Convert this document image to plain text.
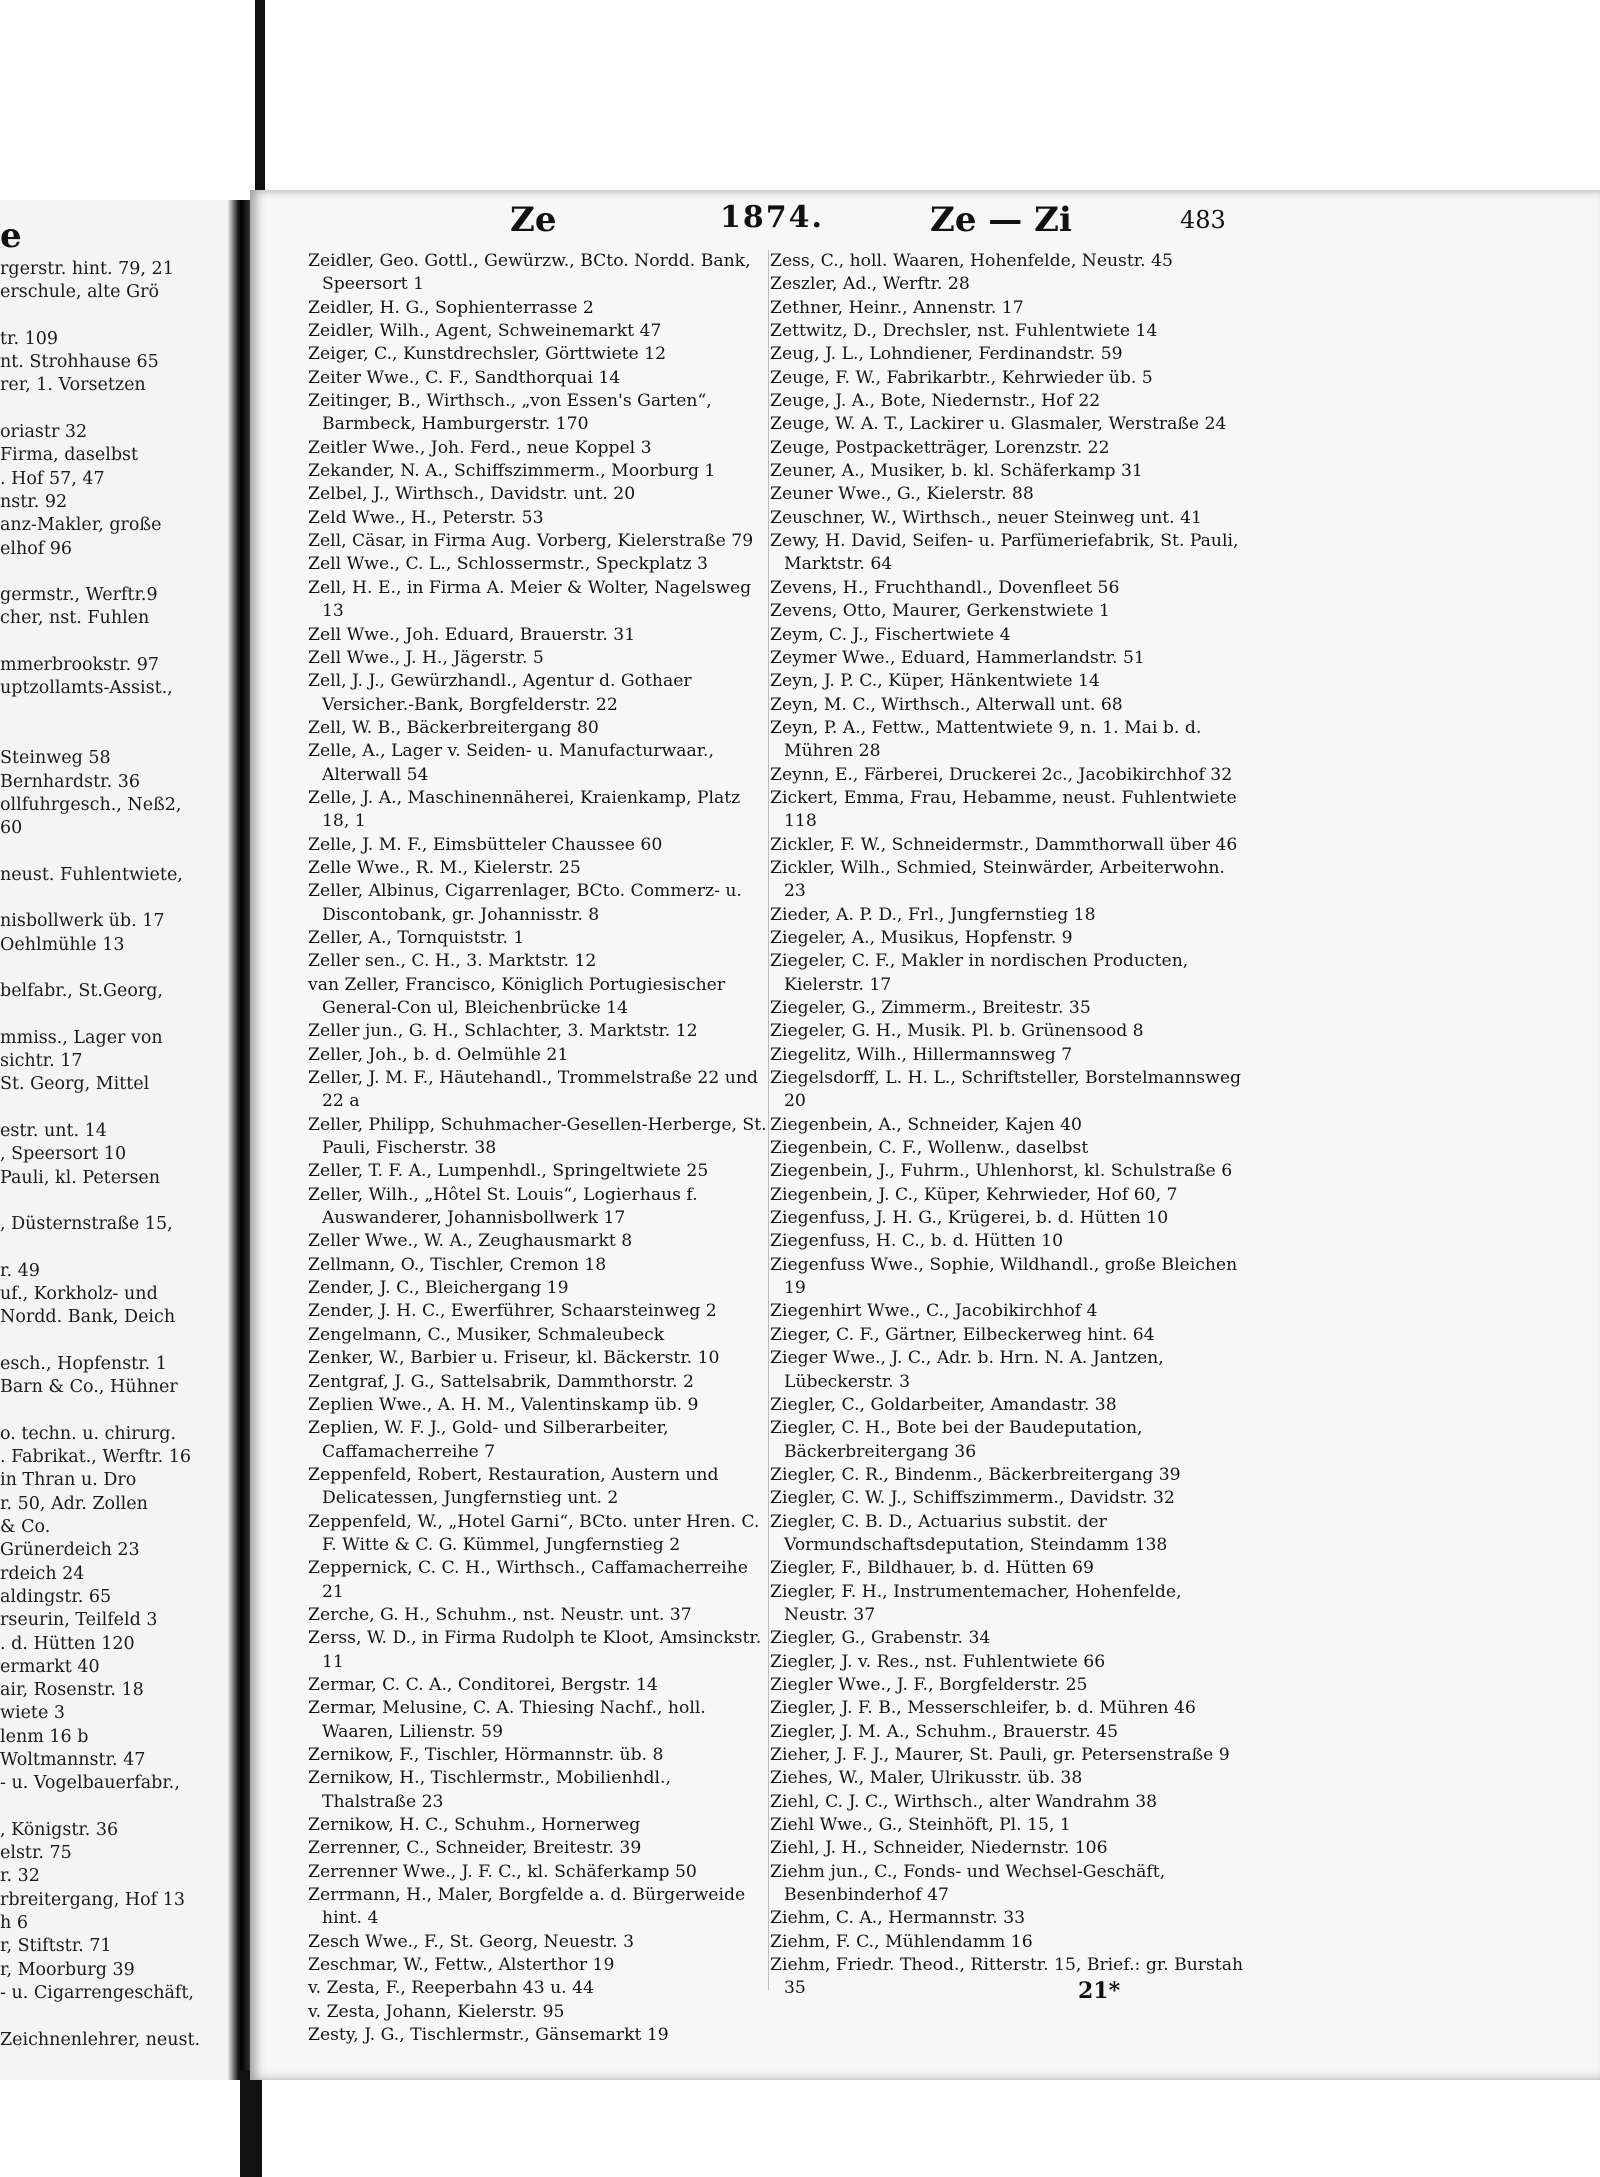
e
rgerstr. hint. 79, 21
erschule, alte Grö
tr. 109
nt. Strohhause 65
rer, 1. Vorsetzen
oriastr 32
Firma, daselbst
. Hof 57, 47
nstr. 92
anz-Makler, große
elhof 96
germstr., Werftr.9
cher, nst. Fuhlen
mmerbrookstr. 97
uptzollamts-Assist.,
Steinweg 58
Bernhardstr. 36
ollfuhrgesch., Neß2,
60
neust. Fuhlentwiete,
nisbollwerk üb. 17
Oehlmühle 13
belfabr., St.Georg,
mmiss., Lager von
sichtr. 17
St. Georg, Mittel
estr. unt. 14
, Speersort 10
Pauli, kl. Petersen
, Düsternstraße 15,
r. 49
uf., Korkholz- und
Nordd. Bank, Deich
esch., Hopfenstr. 1
Barn & Co., Hühner
o. techn. u. chirurg.
. Fabrikat., Werftr. 16
in Thran u. Dro
r. 50, Adr. Zollen
& Co.
Grünerdeich 23
rdeich 24
aldingstr. 65
rseurin, Teilfeld 3
. d. Hütten 120
ermarkt 40
air, Rosenstr. 18
wiete 3
lenm 16 b
Woltmannstr. 47
- u. Vogelbauerfabr.,
, Königstr. 36
elstr. 75
r. 32
rbreitergang, Hof 13
h 6
r, Stiftstr. 71
r, Moorburg 39
- u. Cigarrengeschäft,
Zeichnenlehrer, neust.
Ze	1874.	Ze — Zi	483
Zeidler, Geo. Gottl., Gewürzw., BCto. Nordd. Bank, Speersort 1
Zeidler, H. G., Sophienterrasse 2
Zeidler, Wilh., Agent, Schweinemarkt 47
Zeiger, C., Kunstdrechsler, Görttwiete 12
Zeiter Wwe., C. F., Sandthorquai 14
Zeitinger, B., Wirthsch., „von Essen's Garten“, Barmbeck, Hamburgerstr. 170
Zeitler Wwe., Joh. Ferd., neue Koppel 3
Zekander, N. A., Schiffszimmerm., Moorburg 1
Zelbel, J., Wirthsch., Davidstr. unt. 20
Zeld Wwe., H., Peterstr. 53
Zell, Cäsar, in Firma Aug. Vorberg, Kielerstraße 79
Zell Wwe., C. L., Schlossermstr., Speckplatz 3
Zell, H. E., in Firma A. Meier & Wolter, Nagelsweg 13
Zell Wwe., Joh. Eduard, Brauerstr. 31
Zell Wwe., J. H., Jägerstr. 5
Zell, J. J., Gewürzhandl., Agentur d. Gothaer Versicher.-Bank, Borgfelderstr. 22
Zell, W. B., Bäckerbreitergang 80
Zelle, A., Lager v. Seiden- u. Manufacturwaar., Alterwall 54
Zelle, J. A., Maschinennäherei, Kraienkamp, Platz 18, 1
Zelle, J. M. F., Eimsbütteler Chaussee 60
Zelle Wwe., R. M., Kielerstr. 25
Zeller, Albinus, Cigarrenlager, BCto. Commerz- u. Discontobank, gr. Johannisstr. 8
Zeller, A., Tornquiststr. 1
Zeller sen., C. H., 3. Marktstr. 12
van Zeller, Francisco, Königlich Portugiesischer General-Con ul, Bleichenbrücke 14
Zeller jun., G. H., Schlachter, 3. Marktstr. 12
Zeller, Joh., b. d. Oelmühle 21
Zeller, J. M. F., Häutehandl., Trommelstraße 22 und 22 a
Zeller, Philipp, Schuhmacher-Gesellen-Herberge, St. Pauli, Fischerstr. 38
Zeller, T. F. A., Lumpenhdl., Springeltwiete 25
Zeller, Wilh., „Hôtel St. Louis“, Logierhaus f. Auswanderer, Johannisbollwerk 17
Zeller Wwe., W. A., Zeughausmarkt 8
Zellmann, O., Tischler, Cremon 18
Zender, J. C., Bleichergang 19
Zender, J. H. C., Ewerführer, Schaarsteinweg 2
Zengelmann, C., Musiker, Schmaleubeck
Zenker, W., Barbier u. Friseur, kl. Bäckerstr. 10
Zentgraf, J. G., Sattelsabrik, Dammthorstr. 2
Zeplien Wwe., A. H. M., Valentinskamp üb. 9
Zeplien, W. F. J., Gold- und Silberarbeiter, Caffamacherreihe 7
Zeppenfeld, Robert, Restauration, Austern und Delicatessen, Jungfernstieg unt. 2
Zeppenfeld, W., „Hotel Garni“, BCto. unter Hren. C. F. Witte & C. G. Kümmel, Jungfernstieg 2
Zeppernick, C. C. H., Wirthsch., Caffamacherreihe 21
Zerche, G. H., Schuhm., nst. Neustr. unt. 37
Zerss, W. D., in Firma Rudolph te Kloot, Amsinckstr. 11
Zermar, C. C. A., Conditorei, Bergstr. 14
Zermar, Melusine, C. A. Thiesing Nachf., holl. Waaren, Lilienstr. 59
Zernikow, F., Tischler, Hörmannstr. üb. 8
Zernikow, H., Tischlermstr., Mobilienhdl., Thalstraße 23
Zernikow, H. C., Schuhm., Hornerweg
Zerrenner, C., Schneider, Breitestr. 39
Zerrenner Wwe., J. F. C., kl. Schäferkamp 50
Zerrmann, H., Maler, Borgfelde a. d. Bürgerweide hint. 4
Zesch Wwe., F., St. Georg, Neuestr. 3
Zeschmar, W., Fettw., Alsterthor 19
v. Zesta, F., Reeperbahn 43 u. 44
v. Zesta, Johann, Kielerstr. 95
Zesty, J. G., Tischlermstr., Gänsemarkt 19
Zess, C., holl. Waaren, Hohenfelde, Neustr. 45
Zeszler, Ad., Werftr. 28
Zethner, Heinr., Annenstr. 17
Zettwitz, D., Drechsler, nst. Fuhlentwiete 14
Zeug, J. L., Lohndiener, Ferdinandstr. 59
Zeuge, F. W., Fabrikarbtr., Kehrwieder üb. 5
Zeuge, J. A., Bote, Niedernstr., Hof 22
Zeuge, W. A. T., Lackirer u. Glasmaler, Werstraße 24
Zeuge, Postpacketträger, Lorenzstr. 22
Zeuner, A., Musiker, b. kl. Schäferkamp 31
Zeuner Wwe., G., Kielerstr. 88
Zeuschner, W., Wirthsch., neuer Steinweg unt. 41
Zewy, H. David, Seifen- u. Parfümeriefabrik, St. Pauli, Marktstr. 64
Zevens, H., Fruchthandl., Dovenfleet 56
Zevens, Otto, Maurer, Gerkenstwiete 1
Zeym, C. J., Fischertwiete 4
Zeymer Wwe., Eduard, Hammerlandstr. 51
Zeyn, J. P. C., Küper, Hänkentwiete 14
Zeyn, M. C., Wirthsch., Alterwall unt. 68
Zeyn, P. A., Fettw., Mattentwiete 9, n. 1. Mai b. d. Mühren 28
Zeynn, E., Färberei, Druckerei 2c., Jacobikirchhof 32
Zickert, Emma, Frau, Hebamme, neust. Fuhlentwiete 118
Zickler, F. W., Schneidermstr., Dammthorwall über 46
Zickler, Wilh., Schmied, Steinwärder, Arbeiterwohn. 23
Zieder, A. P. D., Frl., Jungfernstieg 18
Ziegeler, A., Musikus, Hopfenstr. 9
Ziegeler, C. F., Makler in nordischen Producten, Kielerstr. 17
Ziegeler, G., Zimmerm., Breitestr. 35
Ziegeler, G. H., Musik. Pl. b. Grünensood 8
Ziegelitz, Wilh., Hillermannsweg 7
Ziegelsdorff, L. H. L., Schriftsteller, Borstelmannsweg 20
Ziegenbein, A., Schneider, Kajen 40
Ziegenbein, C. F., Wollenw., daselbst
Ziegenbein, J., Fuhrm., Uhlenhorst, kl. Schulstraße 6
Ziegenbein, J. C., Küper, Kehrwieder, Hof 60, 7
Ziegenfuss, J. H. G., Krügerei, b. d. Hütten 10
Ziegenfuss, H. C., b. d. Hütten 10
Ziegenfuss Wwe., Sophie, Wildhandl., große Bleichen 19
Ziegenhirt Wwe., C., Jacobikirchhof 4
Zieger, C. F., Gärtner, Eilbeckerweg hint. 64
Zieger Wwe., J. C., Adr. b. Hrn. N. A. Jantzen, Lübeckerstr. 3
Ziegler, C., Goldarbeiter, Amandastr. 38
Ziegler, C. H., Bote bei der Baudeputation, Bäckerbreitergang 36
Ziegler, C. R., Bindenm., Bäckerbreitergang 39
Ziegler, C. W. J., Schiffszimmerm., Davidstr. 32
Ziegler, C. B. D., Actuarius substit. der Vormundschaftsdeputation, Steindamm 138
Ziegler, F., Bildhauer, b. d. Hütten 69
Ziegler, F. H., Instrumentemacher, Hohenfelde, Neustr. 37
Ziegler, G., Grabenstr. 34
Ziegler, J. v. Res., nst. Fuhlentwiete 66
Ziegler Wwe., J. F., Borgfelderstr. 25
Ziegler, J. F. B., Messerschleifer, b. d. Mühren 46
Ziegler, J. M. A., Schuhm., Brauerstr. 45
Zieher, J. F. J., Maurer, St. Pauli, gr. Petersenstraße 9
Ziehes, W., Maler, Ulrikusstr. üb. 38
Ziehl, C. J. C., Wirthsch., alter Wandrahm 38
Ziehl Wwe., G., Steinhöft, Pl. 15, 1
Ziehl, J. H., Schneider, Niedernstr. 106
Ziehm jun., C., Fonds- und Wechsel-Geschäft, Besenbinderhof 47
Ziehm, C. A., Hermannstr. 33
Ziehm, F. C., Mühlendamm 16
Ziehm, Friedr. Theod., Ritterstr. 15, Brief.: gr. Burstah 35	21*
